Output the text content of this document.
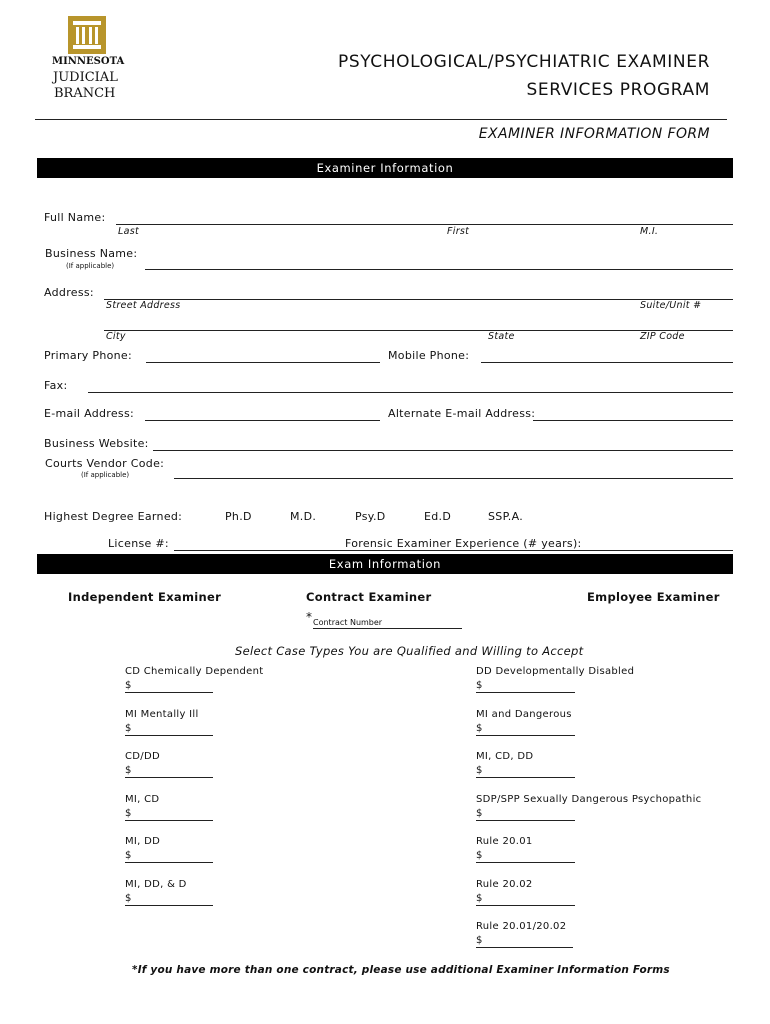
MINNESOTA
JUDICIAL
BRANCH
PSYCHOLOGICAL/PSYCHIATRIC EXAMINER
SERVICES PROGRAM
EXAMINER INFORMATION FORM
Examiner Information
Full Name:
Last	First	M.I.
Business Name:
(If applicable)
Address:
Street Address	Suite/Unit #
City	State	ZIP Code
Primary Phone:	Mobile Phone:
Fax:
E-mail Address:	Alternate E-mail Address:
Business Website:
Courts Vendor Code:
(If applicable)
Highest Degree Earned:	Ph.D	M.D.	Psy.D	Ed.D	SSP.A.
License #:	Forensic Examiner Experience (# years):
Exam Information
Independent Examiner	Contract Examiner	Employee Examiner
* Contract Number
Select Case Types You are Qualified and Willing to Accept
CD Chemically Dependent
$
MI Mentally Ill
$
CD/DD
$
MI, CD
$
MI, DD
$
MI, DD, & D
$
DD Developmentally Disabled
$
MI and Dangerous
$
MI, CD, DD
$
SDP/SPP Sexually Dangerous Psychopathic
$
Rule 20.01
$
Rule 20.02
$
Rule 20.01/20.02
$
*If you have more than one contract, please use additional Examiner Information Forms
